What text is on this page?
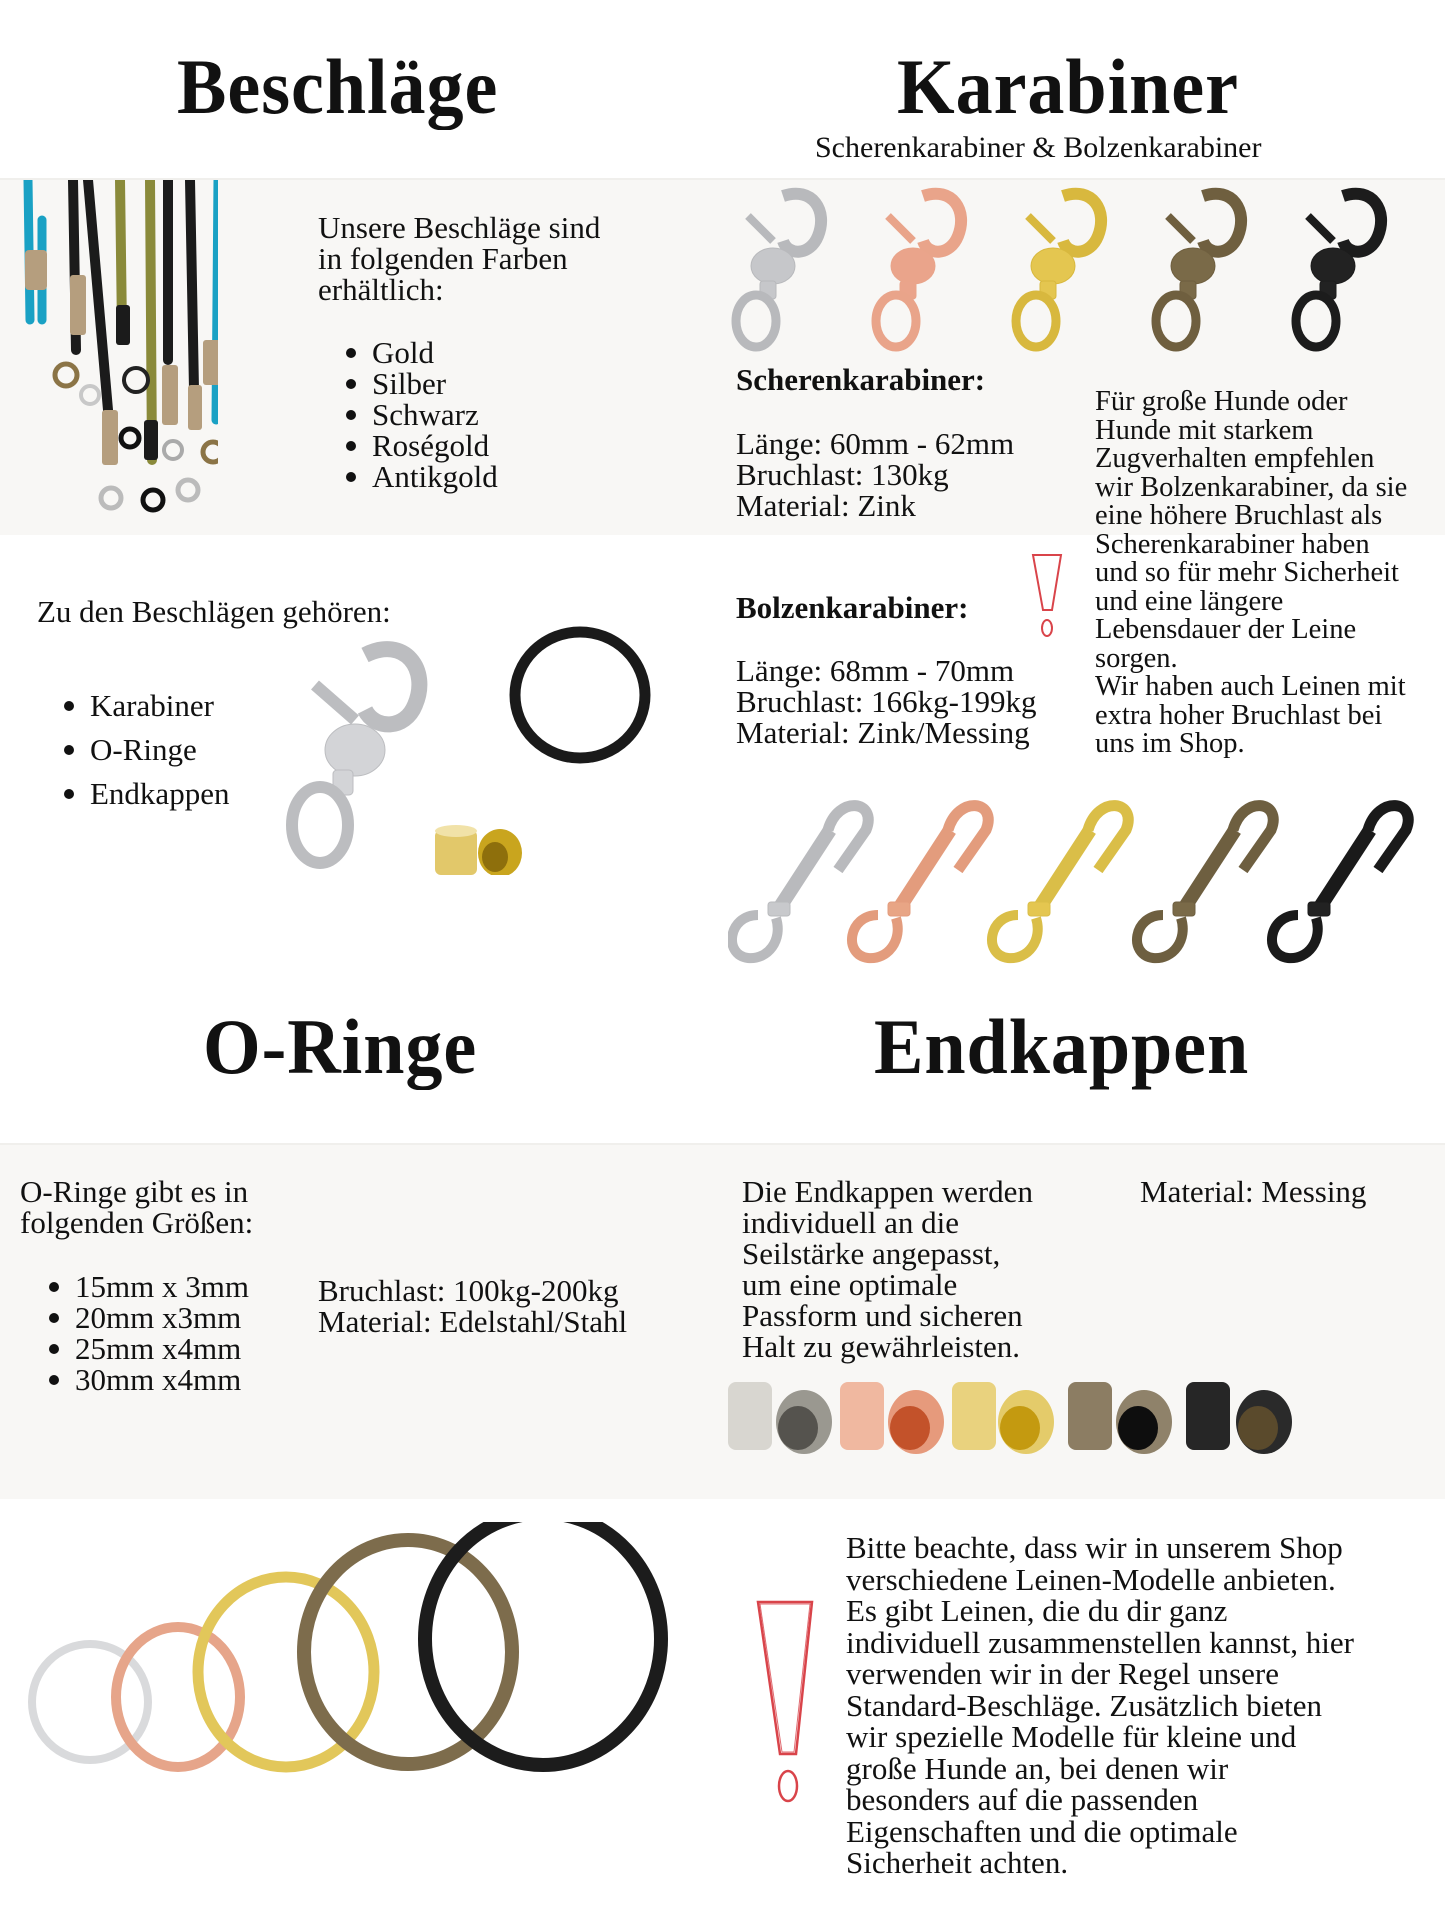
Beschläge	Karabiner
Scherenkarabiner & Bolzenkarabiner
Unsere Beschläge sind
in folgenden Farben
erhältlich:
Gold
Silber
Schwarz
Roségold
Antikgold
Scherenkarabiner:
Länge: 60mm - 62mm
Bruchlast: 130kg
Material: Zink
Für große Hunde oder
Hunde mit starkem
Zugverhalten empfehlen
wir Bolzenkarabiner, da sie
eine höhere Bruchlast als
Scherenkarabiner haben
und so für mehr Sicherheit
und eine längere
Lebensdauer der Leine
sorgen.
Wir haben auch Leinen mit
extra hoher Bruchlast bei
uns im Shop.
Zu den Beschlägen gehören:
Karabiner
O-Ringe
Endkappen
Bolzenkarabiner:
Länge: 68mm - 70mm
Bruchlast: 166kg-199kg
Material: Zink/Messing
O-Ringe	Endkappen
O-Ringe gibt es in
folgenden Größen:
15mm x 3mm
20mm x3mm
25mm x4mm
30mm x4mm
Bruchlast: 100kg-200kg
Material: Edelstahl/Stahl
Die Endkappen werden
individuell an die
Seilstärke angepasst,
um eine optimale
Passform und sicheren
Halt zu gewährleisten.
Material: Messing
Bitte beachte, dass wir in unserem Shop
verschiedene Leinen-Modelle anbieten.
Es gibt Leinen, die du dir ganz
individuell zusammenstellen kannst, hier
verwenden wir in der Regel unsere
Standard-Beschläge. Zusätzlich bieten
wir spezielle Modelle für kleine und
große Hunde an, bei denen wir
besonders auf die passenden
Eigenschaften und die optimale
Sicherheit achten.
